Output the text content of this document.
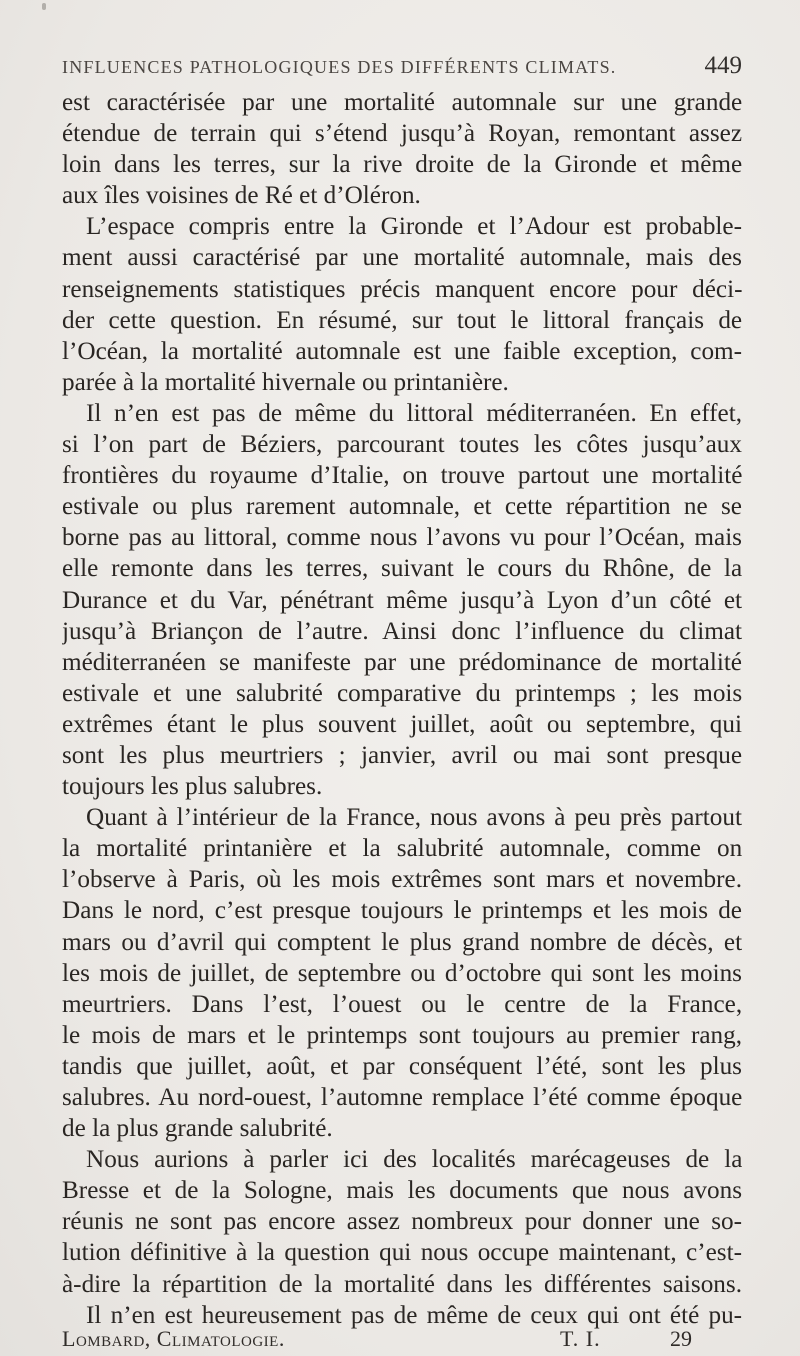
INFLUENCES PATHOLOGIQUES DES DIFFÉRENTS CLIMATS.	449
est caractérisée par une mortalité automnale sur une grande
étendue de terrain qui s’étend jusqu’à Royan, remontant assez
loin dans les terres, sur la rive droite de la Gironde et même
aux îles voisines de Ré et d’Oléron.
L’espace compris entre la Gironde et l’Adour est probable-
ment aussi caractérisé par une mortalité automnale, mais des
renseignements statistiques précis manquent encore pour déci-
der cette question. En résumé, sur tout le littoral français de
l’Océan, la mortalité automnale est une faible exception, com-
parée à la mortalité hivernale ou printanière.
Il n’en est pas de même du littoral méditerranéen. En effet,
si l’on part de Béziers, parcourant toutes les côtes jusqu’aux
frontières du royaume d’Italie, on trouve partout une mortalité
estivale ou plus rarement automnale, et cette répartition ne se
borne pas au littoral, comme nous l’avons vu pour l’Océan, mais
elle remonte dans les terres, suivant le cours du Rhône, de la
Durance et du Var, pénétrant même jusqu’à Lyon d’un côté et
jusqu’à Briançon de l’autre. Ainsi donc l’influence du climat
méditerranéen se manifeste par une prédominance de mortalité
estivale et une salubrité comparative du printemps ; les mois
extrêmes étant le plus souvent juillet, août ou septembre, qui
sont les plus meurtriers ; janvier, avril ou mai sont presque
toujours les plus salubres.
Quant à l’intérieur de la France, nous avons à peu près partout
la mortalité printanière et la salubrité automnale, comme on
l’observe à Paris, où les mois extrêmes sont mars et novembre.
Dans le nord, c’est presque toujours le printemps et les mois de
mars ou d’avril qui comptent le plus grand nombre de décès, et
les mois de juillet, de septembre ou d’octobre qui sont les moins
meurtriers. Dans l’est, l’ouest ou le centre de la France,
le mois de mars et le printemps sont toujours au premier rang,
tandis que juillet, août, et par conséquent l’été, sont les plus
salubres. Au nord-ouest, l’automne remplace l’été comme époque
de la plus grande salubrité.
Nous aurions à parler ici des localités marécageuses de la
Bresse et de la Sologne, mais les documents que nous avons
réunis ne sont pas encore assez nombreux pour donner une so-
lution définitive à la question qui nous occupe maintenant, c’est-
à-dire la répartition de la mortalité dans les différentes saisons.
Il n’en est heureusement pas de même de ceux qui ont été pu-
Lombard, Climatologie.	T. I.	29
